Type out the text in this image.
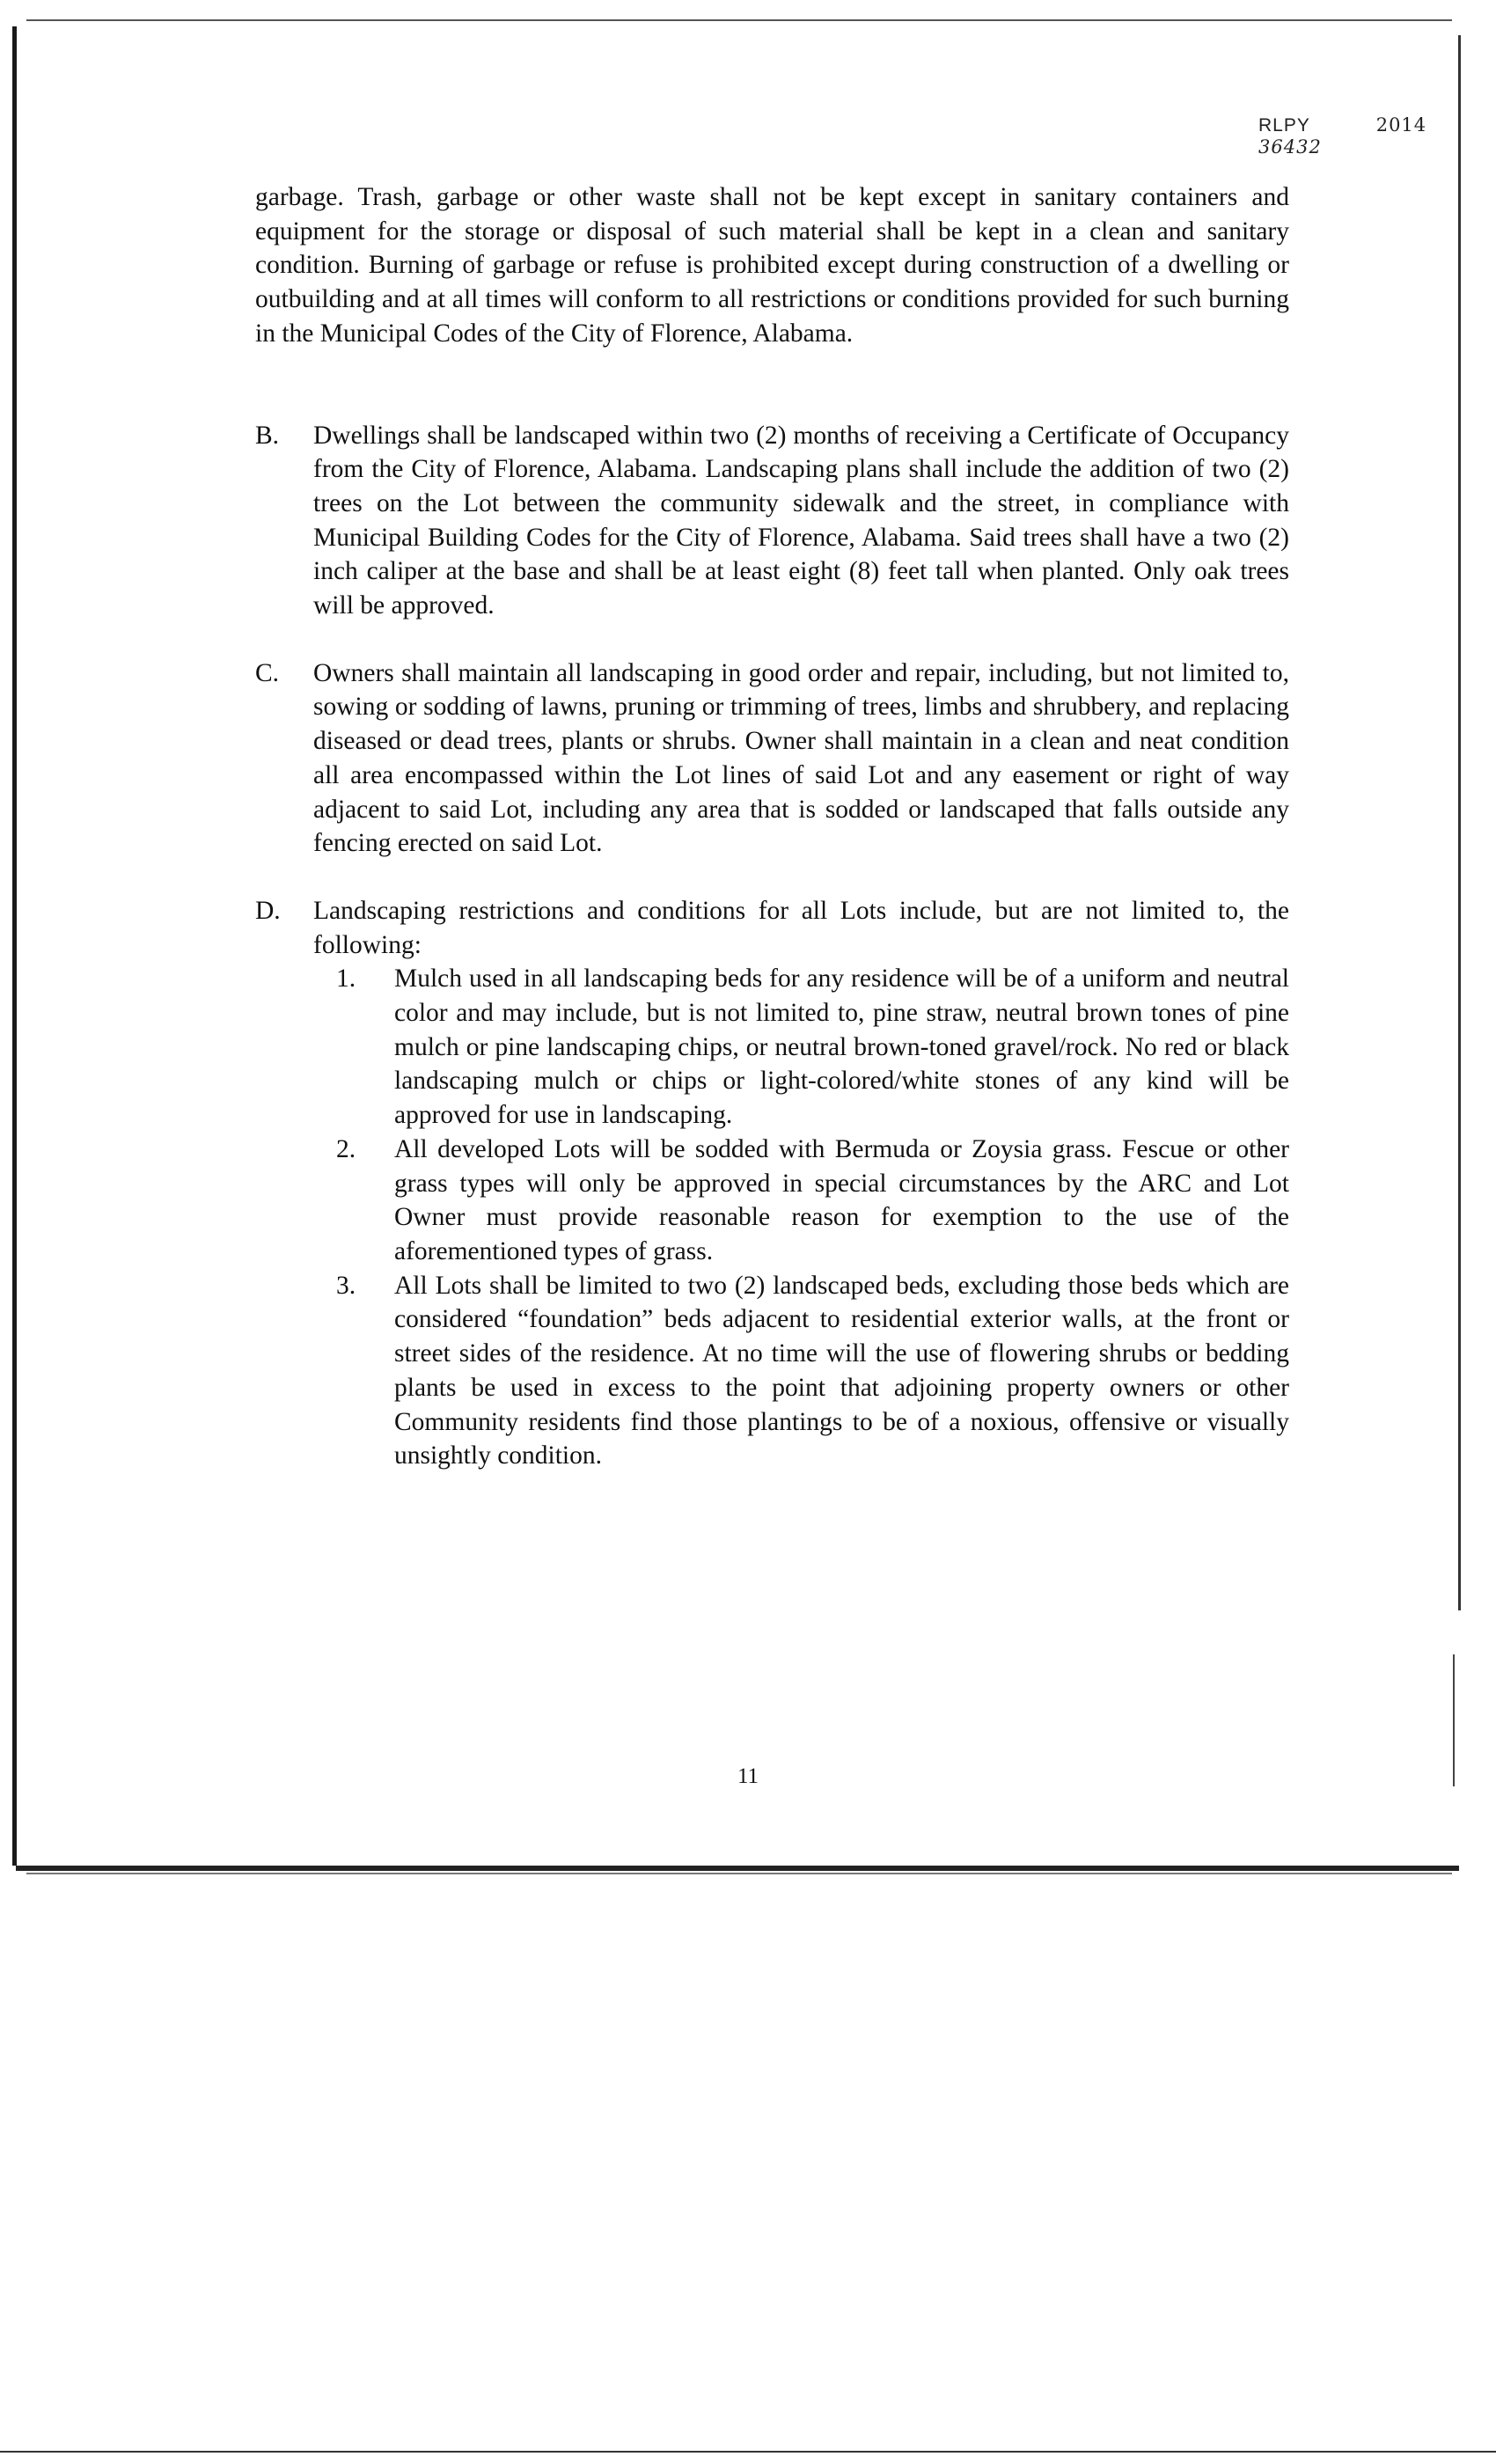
RLPY	2014 36432

garbage. Trash, garbage or other waste shall not be kept except in sanitary containers and equipment for the storage or disposal of such material shall be kept in a clean and sanitary condition. Burning of garbage or refuse is prohibited except during construction of a dwelling or outbuilding and at all times will conform to all restrictions or conditions provided for such burning in the Municipal Codes of the City of Florence, Alabama.

B.	Dwellings shall be landscaped within two (2) months of receiving a Certificate of Occupancy from the City of Florence, Alabama. Landscaping plans shall include the addition of two (2) trees on the Lot between the community sidewalk and the street, in compliance with Municipal Building Codes for the City of Florence, Alabama. Said trees shall have a two (2) inch caliper at the base and shall be at least eight (8) feet tall when planted. Only oak trees will be approved.
C.	Owners shall maintain all landscaping in good order and repair, including, but not limited to, sowing or sodding of lawns, pruning or trimming of trees, limbs and shrubbery, and replacing diseased or dead trees, plants or shrubs. Owner shall maintain in a clean and neat condition all area encompassed within the Lot lines of said Lot and any easement or right of way adjacent to said Lot, including any area that is sodded or landscaped that falls outside any fencing erected on said Lot.
D.	Landscaping restrictions and conditions for all Lots include, but are not limited to, the following:
1. Mulch used in all landscaping beds for any residence will be of a uniform and neutral color and may include, but is not limited to, pine straw, neutral brown tones of pine mulch or pine landscaping chips, or neutral brown-toned gravel/rock. No red or black landscaping mulch or chips or light-colored/white stones of any kind will be approved for use in landscaping.
2. All developed Lots will be sodded with Bermuda or Zoysia grass. Fescue or other grass types will only be approved in special circumstances by the ARC and Lot Owner must provide reasonable reason for exemption to the use of the aforementioned types of grass.
3. All Lots shall be limited to two (2) landscaped beds, excluding those beds which are considered “foundation” beds adjacent to residential exterior walls, at the front or street sides of the residence. At no time will the use of flowering shrubs or bedding plants be used in excess to the point that adjoining property owners or other Community residents find those plantings to be of a noxious, offensive or visually unsightly condition.
11
